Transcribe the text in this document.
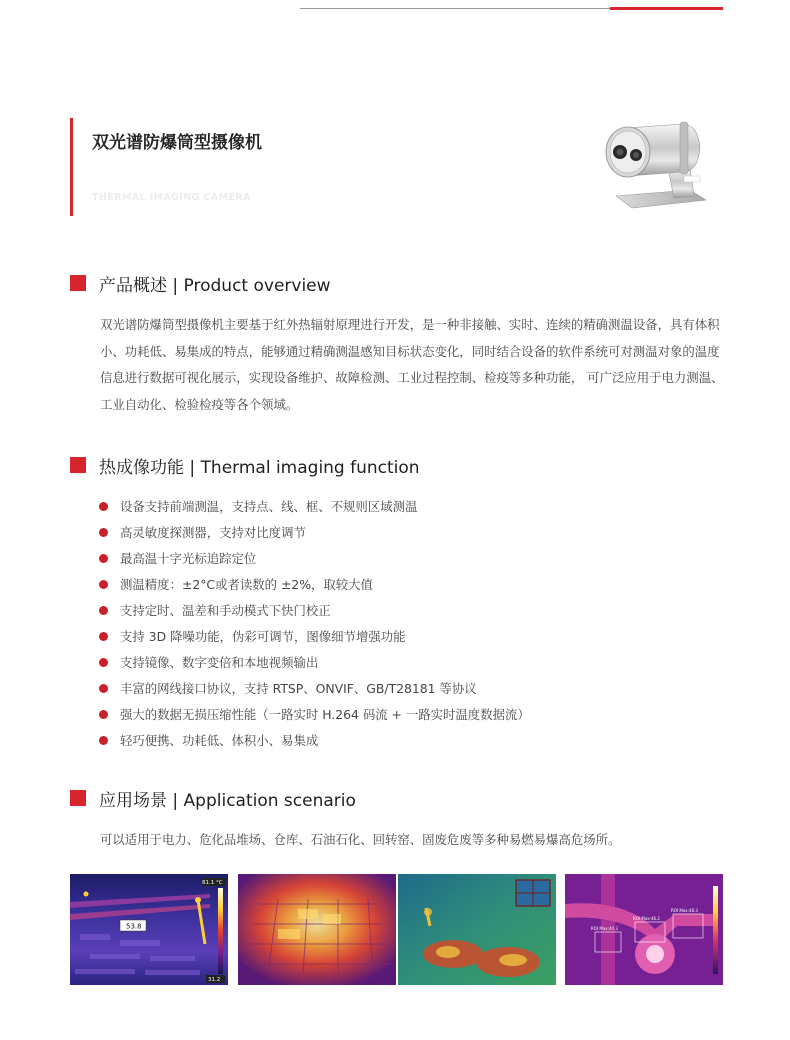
双光谱防爆筒型摄像机
THERMAL IMAGING CAMERA
产品概述 | Product overview
双光谱防爆筒型摄像机主要基于红外热辐射原理进行开发，是一种非接触、实时、连续的精确测温设备，具有体积小、功耗低、易集成的特点，能够通过精确测温感知目标状态变化，同时结合设备的软件系统可对测温对象的温度信息进行数据可视化展示，实现设备维护、故障检测、工业过程控制、检疫等多种功能， 可广泛应用于电力测温、工业自动化、检验检疫等各个领域。
热成像功能 | Thermal imaging function
设备支持前端测温，支持点、线、框、不规则区域测温
高灵敏度探测器，支持对比度调节
最高温十字光标追踪定位
测温精度：±2°C或者读数的 ±2%，取较大值
支持定时、温差和手动模式下快门校正
支持 3D 降噪功能，伪彩可调节，图像细节增强功能
支持镜像、数字变倍和本地视频输出
丰富的网线接口协议，支持 RTSP、ONVIF、GB/T28181 等协议
强大的数据无损压缩性能（一路实时 H.264 码流 + 一路实时温度数据流）
轻巧便携、功耗低、体积小、易集成
应用场景 | Application scenario
可以适用于电力、危化品堆场、仓库、石油石化、回转窑、固废危废等多种易燃易爆高危场所。
53.8
81.1 °C
31.2
ROI Max:44.3
ROI Max:46.2
ROI Max:48.3
